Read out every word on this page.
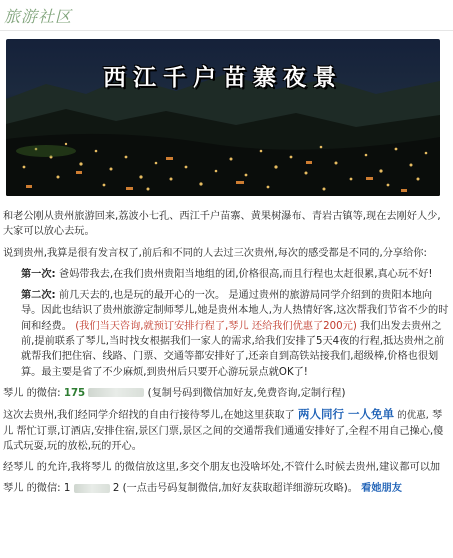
旅游社区
西江千户苗寨夜景

和老公刚从贵州旅游回来,荔波小七孔、西江千户苗寨、黄果树瀑布、青岩古镇等,现在去刚好人少,大家可以放心去玩。

说到贵州,我算是很有发言权了,前后和不同的人去过三次贵州,每次的感受都是不同的,分享给你:

第一次: 爸妈带我去,在我们贵州贵阳当地组的团,价格很高,而且行程也太赶很累,真心玩不好!

第二次: 前几天去的,也是玩的最开心的一次。 是通过贵州的旅游局同学介绍到的贵阳本地向导。因此也结识了贵州旅游定制师琴儿,她是贵州本地人,为人热情好客,这次帮我们节省不少的时间和经费。 (我们当天咨询,就预订安排行程了,琴儿 还给我们优惠了200元) 我们出发去贵州之前,提前联系了琴儿,当时找女根据我们一家人的需求,给我们安排了5天4夜的行程,抵达贵州之前就帮我们把住宿、线路、门票、交通等都安排好了,还亲自到高铁站接我们,超级棒,价格也很划算。最主要是省了不少麻烦,到贵州后只要开心游玩景点就OK了!

琴儿 的微信: 175	(复制号码到微信加好友,免费咨询,定制行程)

这次去贵州,我们经同学介绍找的自由行接待琴儿,在她这里获取了 两人同行 一人免单 的优惠, 琴儿 帮忙订票,订酒店,安排住宿,景区门票,景区之间的交通帮我们通通安排好了,全程不用自己操心,傻瓜式玩耍,玩的放松,玩的开心。

经琴儿 的允许,我将琴儿 的微信放这里,多交个朋友也没啥坏处,不管什么时候去贵州,建议都可以加

琴儿 的微信: 1	2 (一点击号码复制微信,加好友获取超详细游玩攻略)。 看她朋友
